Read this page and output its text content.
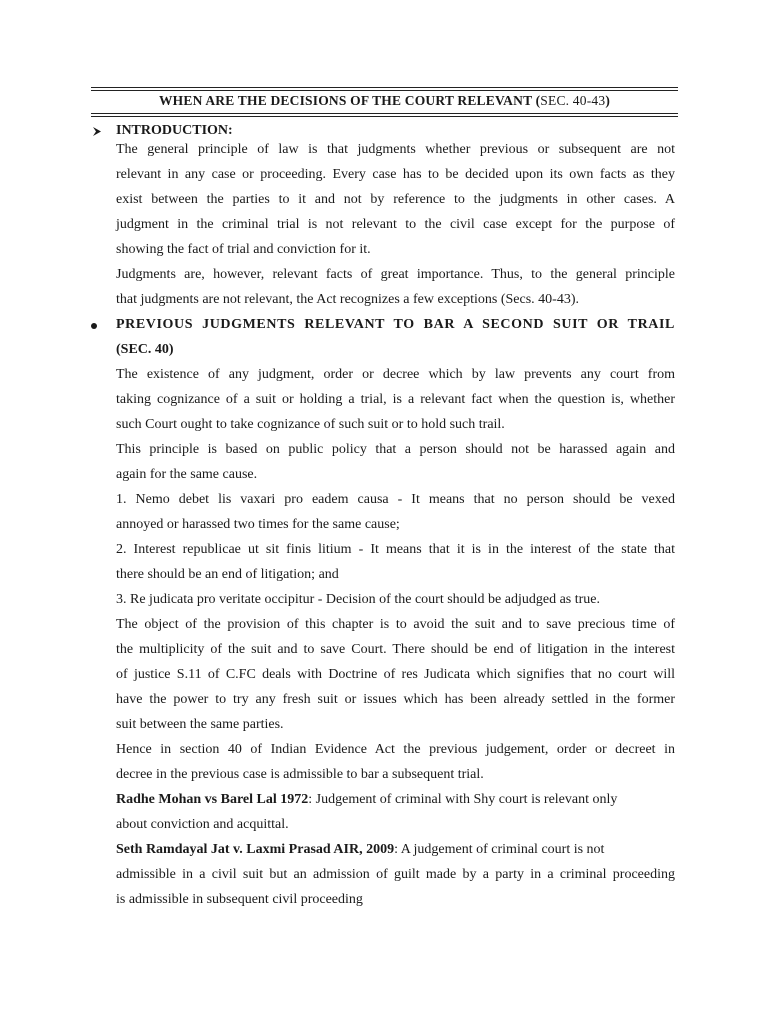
WHEN ARE THE DECISIONS OF THE COURT RELEVANT (SEC. 40-43)
INTRODUCTION:
The general principle of law is that judgments whether previous or subsequent are not
relevant in any case or proceeding. Every case has to be decided upon its own facts as they
exist between the parties to it and not by reference to the judgments in other cases. A
judgment in the criminal trial is not relevant to the civil case except for the purpose of
showing the fact of trial and conviction for it.
Judgments are, however, relevant facts of great importance. Thus, to the general principle
that judgments are not relevant, the Act recognizes a few exceptions (Secs. 40-43).
PREVIOUS JUDGMENTS RELEVANT TO BAR A SECOND SUIT OR TRAIL
(SEC. 40)
The existence of any judgment, order or decree which by law prevents any court from
taking cognizance of a suit or holding a trial, is a relevant fact when the question is, whether
such Court ought to take cognizance of such suit or to hold such trail.
This principle is based on public policy that a person should not be harassed again and
again for the same cause.
1. Nemo debet lis vaxari pro eadem causa - It means that no person should be vexed
annoyed or harassed two times for the same cause;
2. Interest republicae ut sit finis litium - It means that it is in the interest of the state that
there should be an end of litigation; and
3. Re judicata pro veritate occipitur - Decision of the court should be adjudged as true.
The object of the provision of this chapter is to avoid the suit and to save precious time of
the multiplicity of the suit and to save Court. There should be end of litigation in the interest
of justice S.11 of C.FC deals with Doctrine of res Judicata which signifies that no court will
have the power to try any fresh suit or issues which has been already settled in the former
suit between the same parties.
Hence in section 40 of Indian Evidence Act the previous judgement, order or decreet in
decree in the previous case is admissible to bar a subsequent trial.
Radhe Mohan vs Barel Lal 1972: Judgement of criminal with Shy court is relevant only
about conviction and acquittal.
Seth Ramdayal Jat v. Laxmi Prasad AIR, 2009: A judgement of criminal court is not
admissible in a civil suit but an admission of guilt made by a party in a criminal proceeding
is admissible in subsequent civil proceeding
